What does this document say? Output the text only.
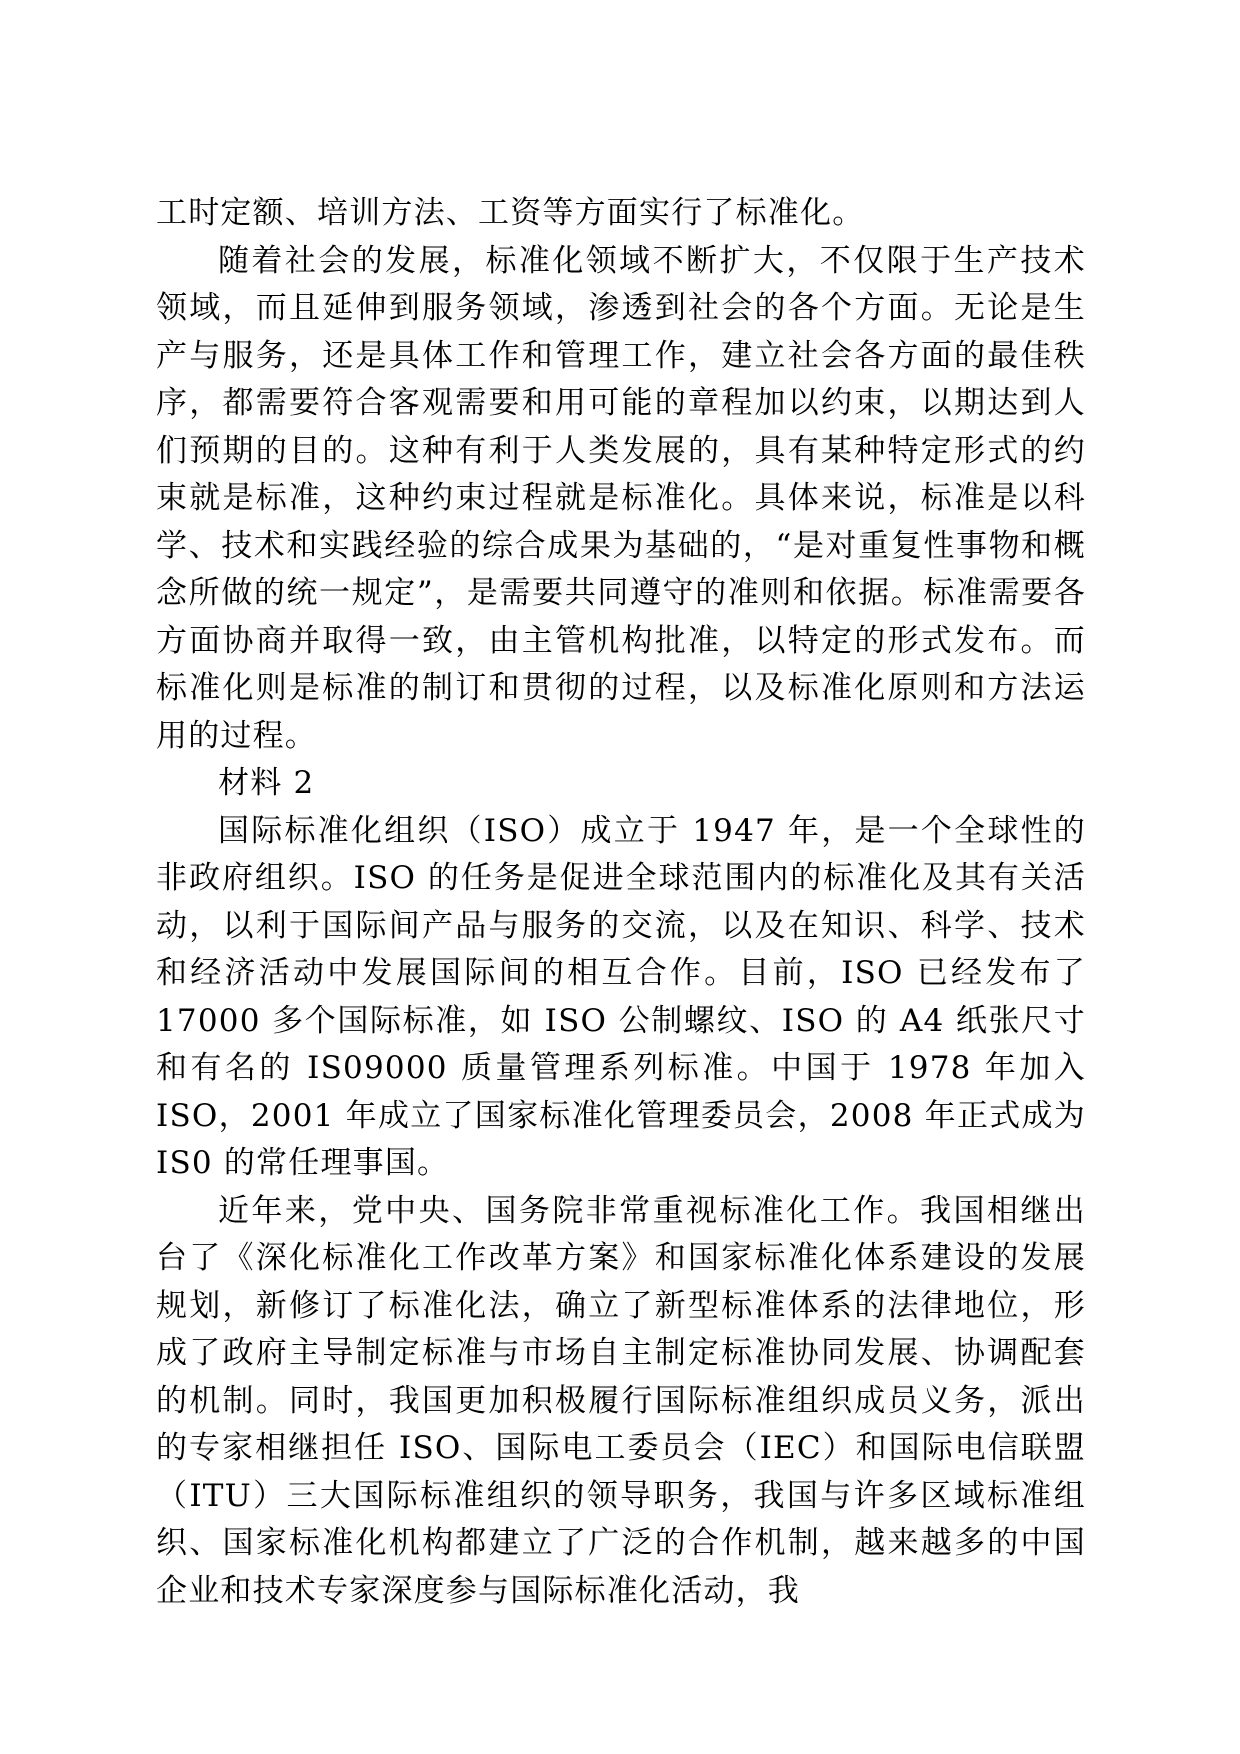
工时定额、培训方法、工资等方面实行了标准化。

随着社会的发展，标准化领域不断扩大，不仅限于生产技术领域，而且延伸到服务领域，渗透到社会的各个方面。无论是生产与服务，还是具体工作和管理工作，建立社会各方面的最佳秩序，都需要符合客观需要和用可能的章程加以约束，以期达到人们预期的目的。这种有利于人类发展的，具有某种特定形式的约束就是标准，这种约束过程就是标准化。具体来说，标准是以科学、技术和实践经验的综合成果为基础的，“是对重复性事物和概念所做的统一规定”，是需要共同遵守的准则和依据。标准需要各方面协商并取得一致，由主管机构批准，以特定的形式发布。而标准化则是标准的制订和贯彻的过程，以及标准化原则和方法运用的过程。

材料 2

国际标准化组织（ISO）成立于 1947 年，是一个全球性的非政府组织。ISO 的任务是促进全球范围内的标准化及其有关活动，以利于国际间产品与服务的交流，以及在知识、科学、技术和经济活动中发展国际间的相互合作。目前，ISO 已经发布了 17000 多个国际标准，如 ISO 公制螺纹、ISO 的 A4 纸张尺寸和有名的 IS09000 质量管理系列标准。中国于 1978 年加入 ISO，2001 年成立了国家标准化管理委员会，2008 年正式成为 IS0 的常任理事国。

近年来，党中央、国务院非常重视标准化工作。我国相继出台了《深化标准化工作改革方案》和国家标准化体系建设的发展规划，新修订了标准化法，确立了新型标准体系的法律地位，形成了政府主导制定标准与市场自主制定标准协同发展、协调配套的机制。同时，我国更加积极履行国际标准组织成员义务，派出的专家相继担任 ISO、国际电工委员会（IEC）和国际电信联盟（ITU）三大国际标准组织的领导职务，我国与许多区域标准组织、国家标准化机构都建立了广泛的合作机制，越来越多的中国企业和技术专家深度参与国际标准化活动，我
